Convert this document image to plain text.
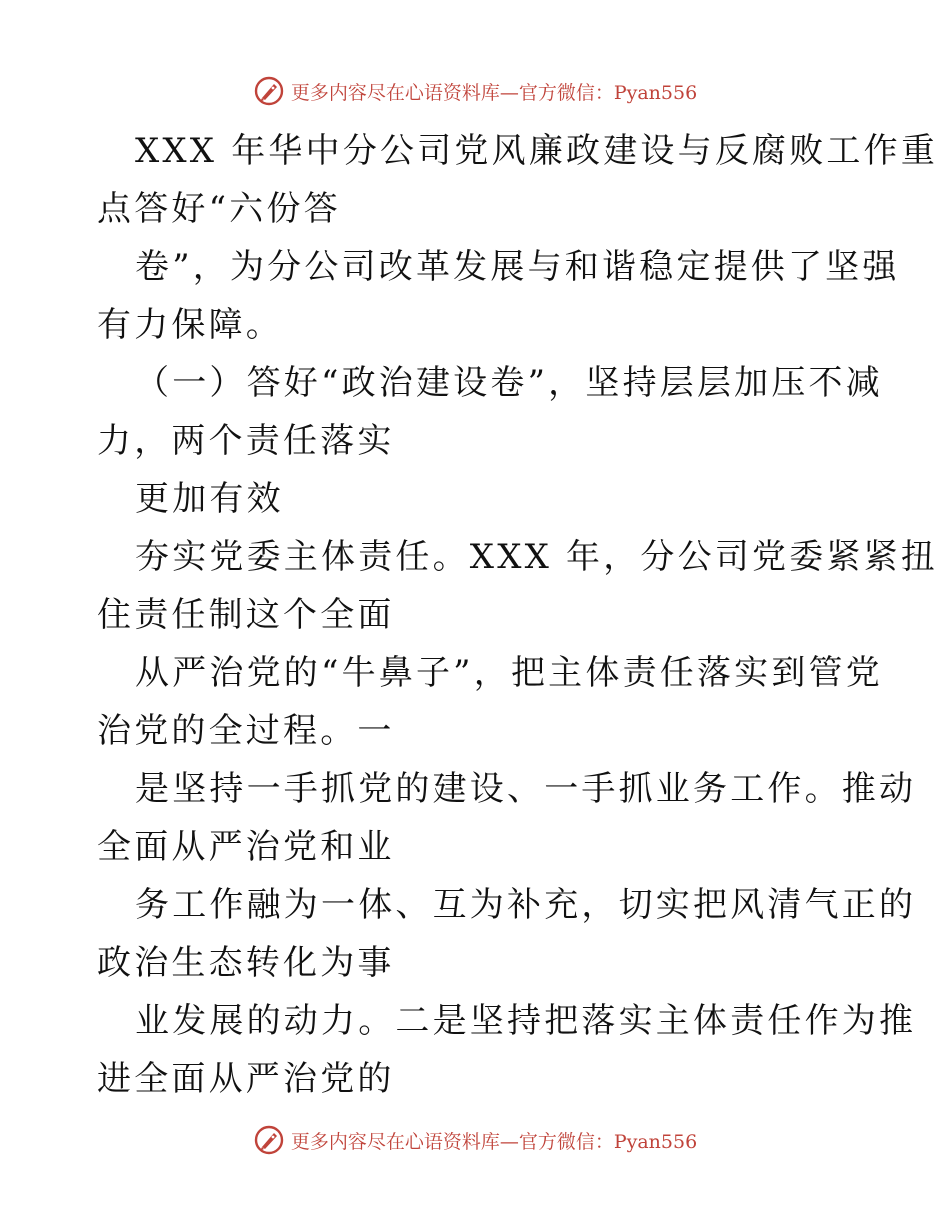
更多内容尽在心语资料库—官方微信：Pyan556
XXX 年华中分公司党风廉政建设与反腐败工作重
点答好“六份答
卷”，为分公司改革发展与和谐稳定提供了坚强
有力保障。
（一）答好“政治建设卷”，坚持层层加压不减
力，两个责任落实
更加有效
夯实党委主体责任。XXX 年，分公司党委紧紧扭
住责任制这个全面
从严治党的“牛鼻子”，把主体责任落实到管党
治党的全过程。一
是坚持一手抓党的建设、一手抓业务工作。推动
全面从严治党和业
务工作融为一体、互为补充，切实把风清气正的
政治生态转化为事
业发展的动力。二是坚持把落实主体责任作为推
进全面从严治党的
更多内容尽在心语资料库—官方微信：Pyan556
